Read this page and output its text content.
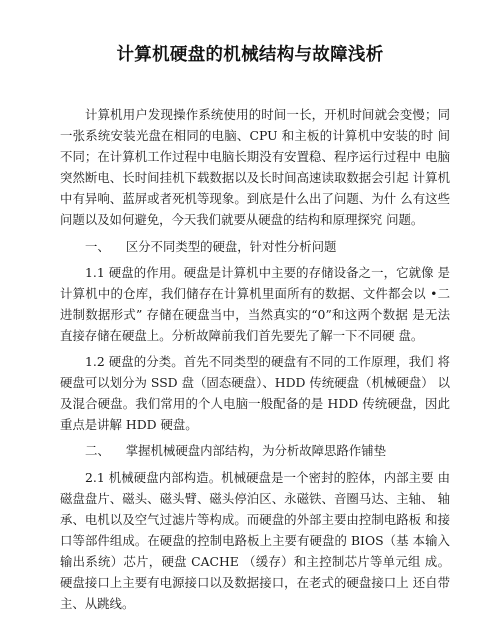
计算机硬盘的机械结构与故障浅析

计算机用户发现操作系统使用的时间一长，开机时间就会变慢；同一张系统安装光盘在相同的电脑、CPU 和主板的计算机中安装的时 间不同；在计算机工作过程中电脑长期没有安置稳、程序运行过程中 电脑突然断电、长时间挂机下载数据以及长时间高速读取数据会引起 计算机中有异响、蓝屏或者死机等现象。到底是什么出了问题、为什 么有这些问题以及如何避免，今天我们就要从硬盘的结构和原理探究 问题。

一、 区分不同类型的硬盘，针对性分析问题

1.1 硬盘的作用。硬盘是计算机中主要的存储设备之一，它就像 是计算机中的仓库，我们储存在计算机里面所有的数据、文件都会以 •二进制数据形式” 存储在硬盘当中，当然真实的“0”和这两个数据 是无法直接存储在硬盘上。分析故障前我们首先要先了解一下不同硬 盘。

1.2 硬盘的分类。首先不同类型的硬盘有不同的工作原理，我们 将硬盘可以划分为 SSD 盘（固态硬盘）、HDD 传统硬盘（机械硬盘） 以及混合硬盘。我们常用的个人电脑一般配备的是 HDD 传统硬盘，因此重点是讲解 HDD 硬盘。

二、 掌握机械硬盘内部结构，为分析故障思路作铺垫

2.1 机械硬盘内部构造。机械硬盘是一个密封的腔体，内部主要 由磁盘盘片、磁头、磁头臂、磁头停泊区、永磁铁、音圈马达、主轴、 轴承、电机以及空气过滤片等构成。而硬盘的外部主要由控制电路板 和接口等部件组成。在硬盘的控制电路板上主要有硬盘的 BIOS（基 本输入输出系统）芯片，硬盘 CACHE （缓存）和主控制芯片等单元组 成。硬盘接口上主要有电源接口以及数据接口，在老式的硬盘接口上 还自带主、从跳线。
